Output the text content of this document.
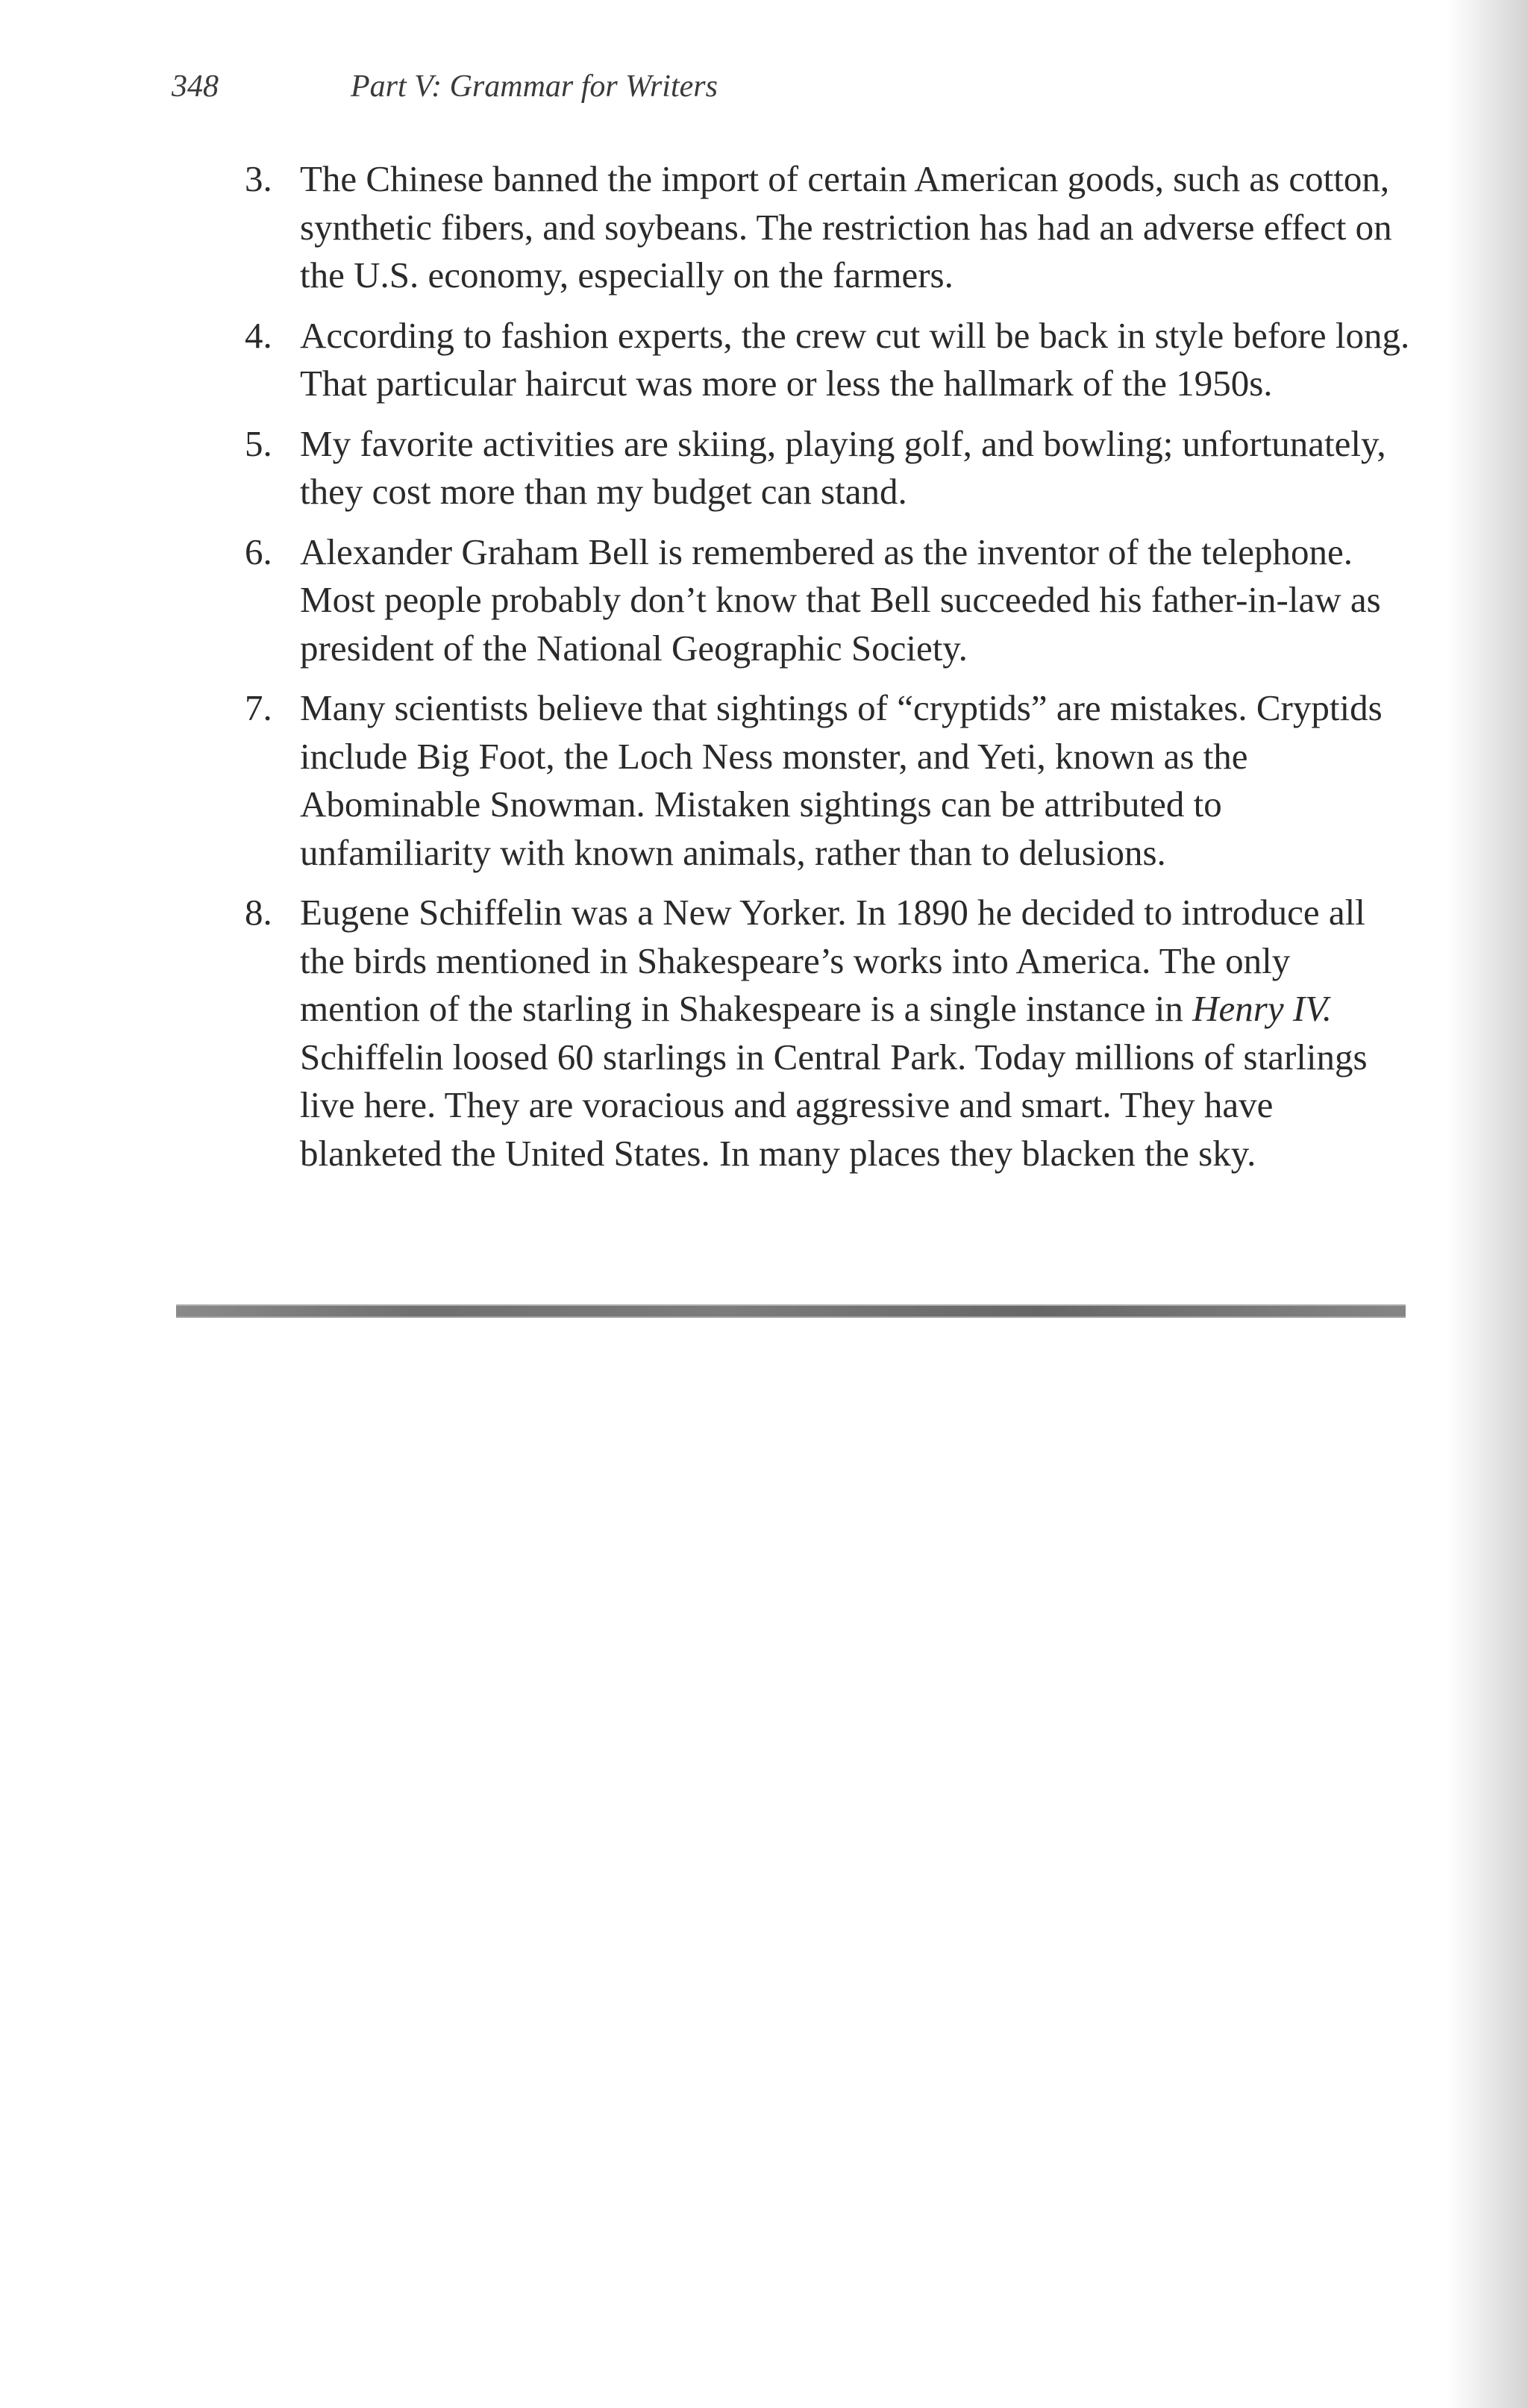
348	Part V: Grammar for Writers
3. The Chinese banned the import of certain American goods, such as cotton, synthetic fibers, and soybeans. The restriction has had an adverse effect on the U.S. economy, especially on the farmers.
4. According to fashion experts, the crew cut will be back in style before long. That particular haircut was more or less the hallmark of the 1950s.
5. My favorite activities are skiing, playing golf, and bowling; unfortunately, they cost more than my budget can stand.
6. Alexander Graham Bell is remembered as the inventor of the telephone. Most people probably don’t know that Bell succeeded his father-in-law as president of the National Geographic Society.
7. Many scientists believe that sightings of “cryptids” are mistakes. Cryptids include Big Foot, the Loch Ness monster, and Yeti, known as the Abominable Snowman. Mistaken sightings can be attributed to unfamiliarity with known animals, rather than to delusions.
8. Eugene Schiffelin was a New Yorker. In 1890 he decided to introduce all the birds mentioned in Shakespeare’s works into America. The only mention of the starling in Shakespeare is a single instance in Henry IV. Schiffelin loosed 60 starlings in Central Park. Today millions of starlings live here. They are voracious and aggressive and smart. They have blanketed the United States. In many places they blacken the sky.
